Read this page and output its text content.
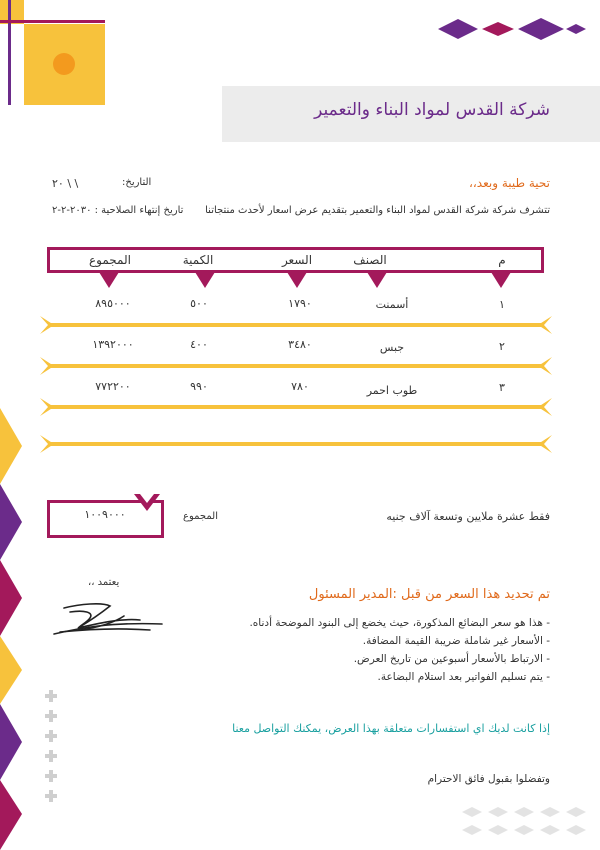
شركة القدس لمواد البناء والتعمير
تحية طيبة وبعد،،
التاريخ:
٢٠ \ \
تتشرف شركة شركة القدس لمواد البناء والتعمير بتقديم عرض اسعار لأحدث منتجاتنا
تاريخ إنتهاء الصلاحية : ٢٠٣٠-٢-٢
م
الصنف
السعر
الكمية
المجموع
١
أسمنت
١٧٩٠
٥٠٠
٨٩٥٠٠٠
٢
جبس
٣٤٨٠
٤٠٠
١٣٩٢٠٠٠
٣
طوب احمر
٧٨٠
٩٩٠
٧٧٢٢٠٠
١٠٠٩٠٠٠	المجموع	فقط عشرة ملايين وتسعة آلاف جنيه
يعتمد ،،
تم تحديد هذا السعر من قبل :المدير المسئول
- هذا هو سعر البضائع المذكورة، حيث يخضع إلى البنود الموضحة أدناه.
- الأسعار غير شاملة ضريبة القيمة المضافة.
- الارتباط بالأسعار أسبوعين من تاريخ العرض.
- يتم تسليم الفواتير بعد استلام البضاعة.
إذا كانت لديك اي استفسارات متعلقة بهذا العرض، يمكنك التواصل معنا
وتفضلوا بقبول فائق الاحترام
